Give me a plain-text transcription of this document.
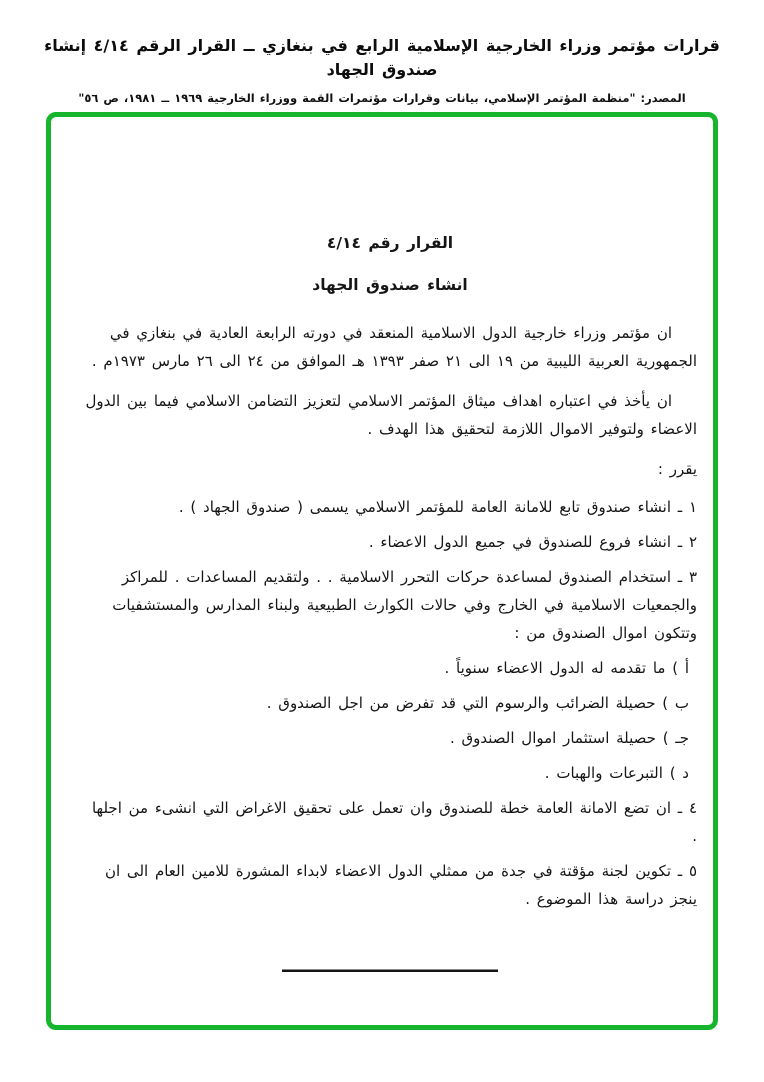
قرارات مؤتمر وزراء الخارجية الإسلامية الرابع في بنغازي ــ القرار الرقم ٤/١٤ إنشاء صندوق الجهاد
المصدر: "منظمة المؤتمر الإسلامي، بيانات وقرارات مؤتمرات القمة ووزراء الخارجية ١٩٦٩ ــ ١٩٨١، ص ٥٦"
القرار رقم ٤/١٤
انشاء صندوق الجهاد

ان مؤتمر وزراء خارجية الدول الاسلامية المنعقد في دورته الرابعة العادية في بنغازي في الجمهورية العربية الليبية من ١٩ الى ٢١ صفر ١٣٩٣ هـ الموافق من ٢٤ الى ٢٦ مارس ١٩٧٣م .

ان يأخذ في اعتباره اهداف ميثاق المؤتمر الاسلامي لتعزيز التضامن الاسلامي فيما بين الدول الاعضاء ولتوفير الاموال اللازمة لتحقيق هذا الهدف .

يقرر :

١ ـ انشاء صندوق تابع للامانة العامة للمؤتمر الاسلامي يسمى ( صندوق الجهاد ) .

٢ ـ انشاء فروع للصندوق في جميع الدول الاعضاء .

٣ ـ استخدام الصندوق لمساعدة حركات التحرر الاسلامية . . ولتقديم المساعدات . للمراكز والجمعيات الاسلامية في الخارج وفي حالات الكوارث الطبيعية ولبناء المدارس والمستشفيات وتتكون اموال الصندوق من :

أ ) ما تقدمه له الدول الاعضاء سنوياً .

ب ) حصيلة الضرائب والرسوم التي قد تفرض من اجل الصندوق .

جـ ) حصيلة استثمار اموال الصندوق .

د ) التبرعات والهبات .

٤ ـ ان تضع الامانة العامة خطة للصندوق وان تعمل على تحقيق الاغراض التي انشىء من اجلها .

٥ ـ تكوين لجنة مؤقتة في جدة من ممثلي الدول الاعضاء لابداء المشورة للامين العام الى ان ينجز دراسة هذا الموضوع .
